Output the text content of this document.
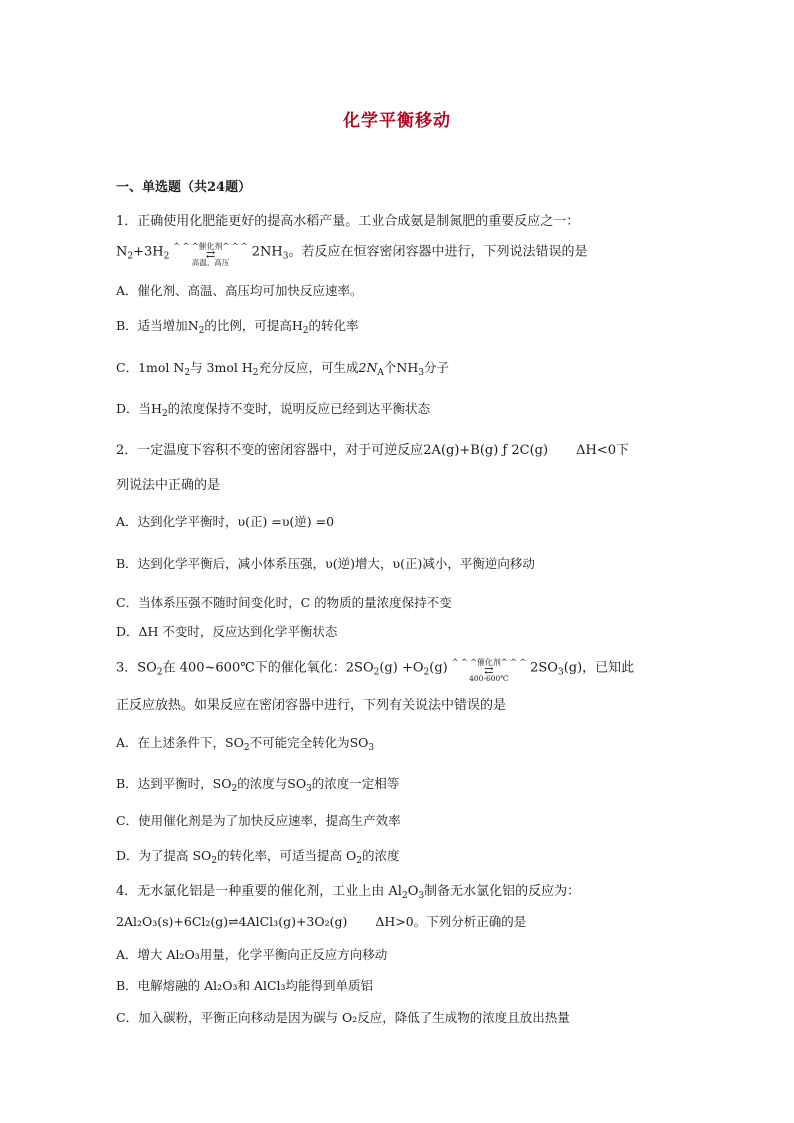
化学平衡移动
一、单选题（共24题）
1．正确使用化肥能更好的提高水稻产量。工业合成氨是制氮肥的重要反应之一：
$N_2+3H_2$
^ ^ ^催化剂^ ^ ^
⇄
高温、高压
$2NH_3$。若反应在恒容密闭容器中进行，下列说法错误的是
A．催化剂、高温、高压均可加快反应速率。
B．适当增加$N_2$的比例，可提高$H_2$的转化率
C．1mol $N_2$与 3mol $H_2$充分反应，可生成$2N_A$个$NH_3$分子
D．当$H_2$的浓度保持不变时，说明反应已经到达平衡状态
2．一定温度下容积不变的密闭容器中，对于可逆反应2A(g)+B(g) ƒ 2C(g) ΔH<0下
列说法中正确的是
A．达到化学平衡时，υ(正) =υ(逆) =0
B．达到化学平衡后，减小体系压强，υ(逆)增大，υ(正)减小，平衡逆向移动
C．当体系压强不随时间变化时，C 的物质的量浓度保持不变
D．ΔH 不变时，反应达到化学平衡状态
3．$SO_2$在 400~600℃下的催化氧化：$2SO_2(g) +O_2(g)$ ^ ^ ^催化剂^ ^ ^
⇄
400-600℃
$2SO_3(g)$，已知此
正反应放热。如果反应在密闭容器中进行，下列有关说法中错误的是
A．在上述条件下，$SO_2$不可能完全转化为$SO_3$
B．达到平衡时，$SO_2$的浓度与$SO_3$的浓度一定相等
C．使用催化剂是为了加快反应速率，提高生产效率
D．为了提高 $SO_2$的转化率，可适当提高 $O_2$的浓度
4．无水氯化铝是一种重要的催化剂，工业上由 $Al_2O_3$制备无水氯化铝的反应为：
2Al₂O₃(s)+6Cl₂(g)⇌4AlCl₃(g)+3O₂(g) ΔH>0。下列分析正确的是
A．增大 Al₂O₃用量，化学平衡向正反应方向移动
B．电解熔融的 Al₂O₃和 AlCl₃均能得到单质铝
C．加入碳粉，平衡正向移动是因为碳与 O₂反应，降低了生成物的浓度且放出热量
